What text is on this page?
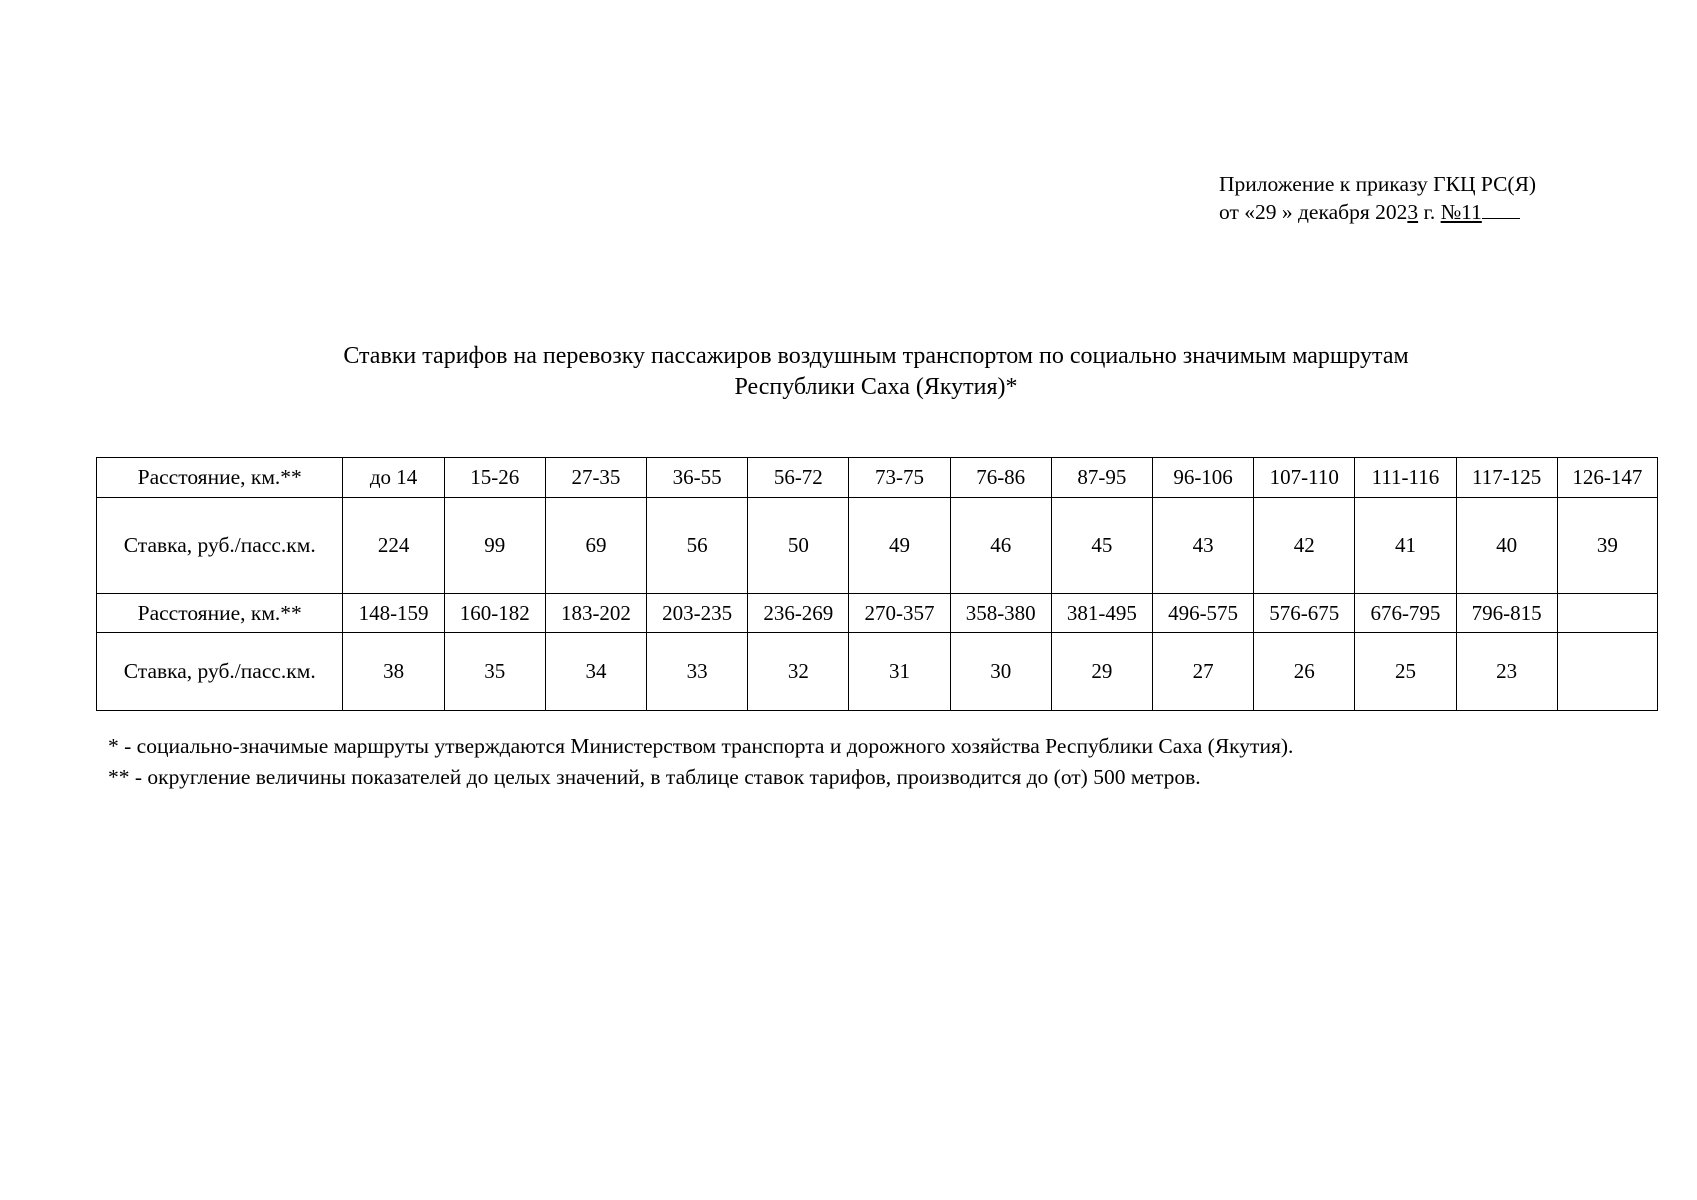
Приложение к приказу ГКЦ РС(Я)
от «29 » декабря 2023 г. №11
Ставки тарифов на перевозку пассажиров воздушным транспортом по социально значимым маршрутам
Республики Саха (Якутия)*
Расстояние, км.**	до 14	15-26	27-35	36-55	56-72	73-75	76-86	87-95	96-106	107-110	111-116	117-125	126-147
Ставка, руб./пасс.км.	224	99	69	56	50	49	46	45	43	42	41	40	39
Расстояние, км.**	148-159	160-182	183-202	203-235	236-269	270-357	358-380	381-495	496-575	576-675	676-795	796-815	
Ставка, руб./пасс.км.	38	35	34	33	32	31	30	29	27	26	25	23	
* - социально-значимые маршруты утверждаются Министерством транспорта и дорожного хозяйства Республики Саха (Якутия).
** - округление величины показателей до целых значений, в таблице ставок тарифов, производится до (от) 500 метров.
